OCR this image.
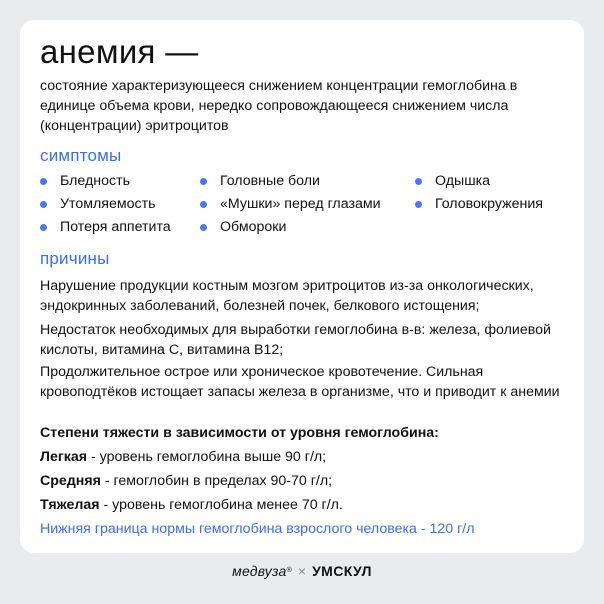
анемия —
состояние характеризующееся снижением концентрации гемоглобина в единице объема крови, нередко сопровождающееся снижением числа (концентрации) эритроцитов
симптомы
Бледность
Утомляемость
Потеря аппетита
Головные боли
«Мушки» перед глазами
Обмороки
Одышка
Головокружения
причины
Нарушение продукции костным мозгом эритроцитов из-за онкологических, эндокринных заболеваний, болезней почек, белкового истощения;
Недостаток необходимых для выработки гемоглобина в-в: железа, фолиевой кислоты, витамина С, витамина В12;
Продолжительное острое или хроническое кровотечение. Сильная кровоподтёков истощает запасы железа в организме, что и приводит к анемии
Степени тяжести в зависимости от уровня гемоглобина:
Легкая - уровень гемоглобина выше 90 г/л;
Средняя - гемоглобин в пределах 90-70 г/л;
Тяжелая - уровень гемоглобина менее 70 г/л.
Нижняя граница нормы гемоглобина взрослого человека - 120 г/л
медвуза® × УМСКУЛ
